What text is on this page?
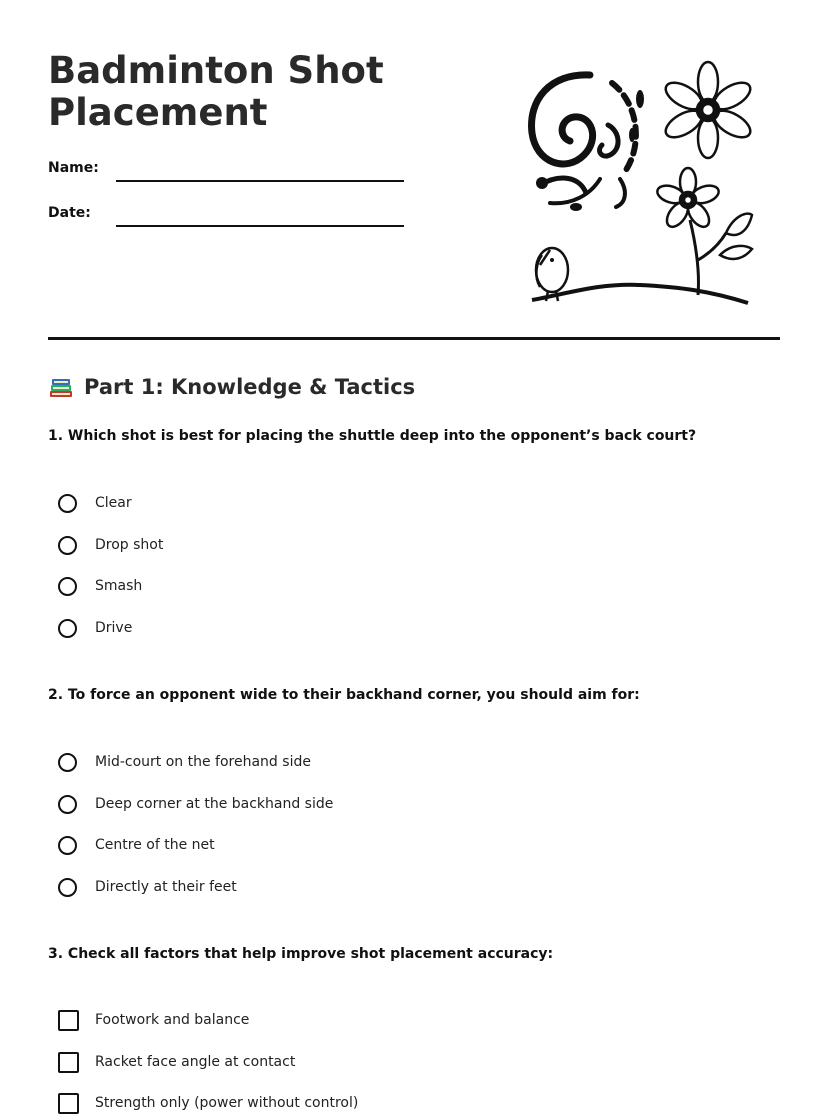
Badminton Shot Placement
Name:
Date:
Part 1: Knowledge & Tactics

1. Which shot is best for placing the shuttle deep into the opponent’s back court?

Clear
Drop shot
Smash
Drive

2. To force an opponent wide to their backhand corner, you should aim for:

Mid-court on the forehand side
Deep corner at the backhand side
Centre of the net
Directly at their feet

3. Check all factors that help improve shot placement accuracy:

Footwork and balance
Racket face angle at contact
Strength only (power without control)
